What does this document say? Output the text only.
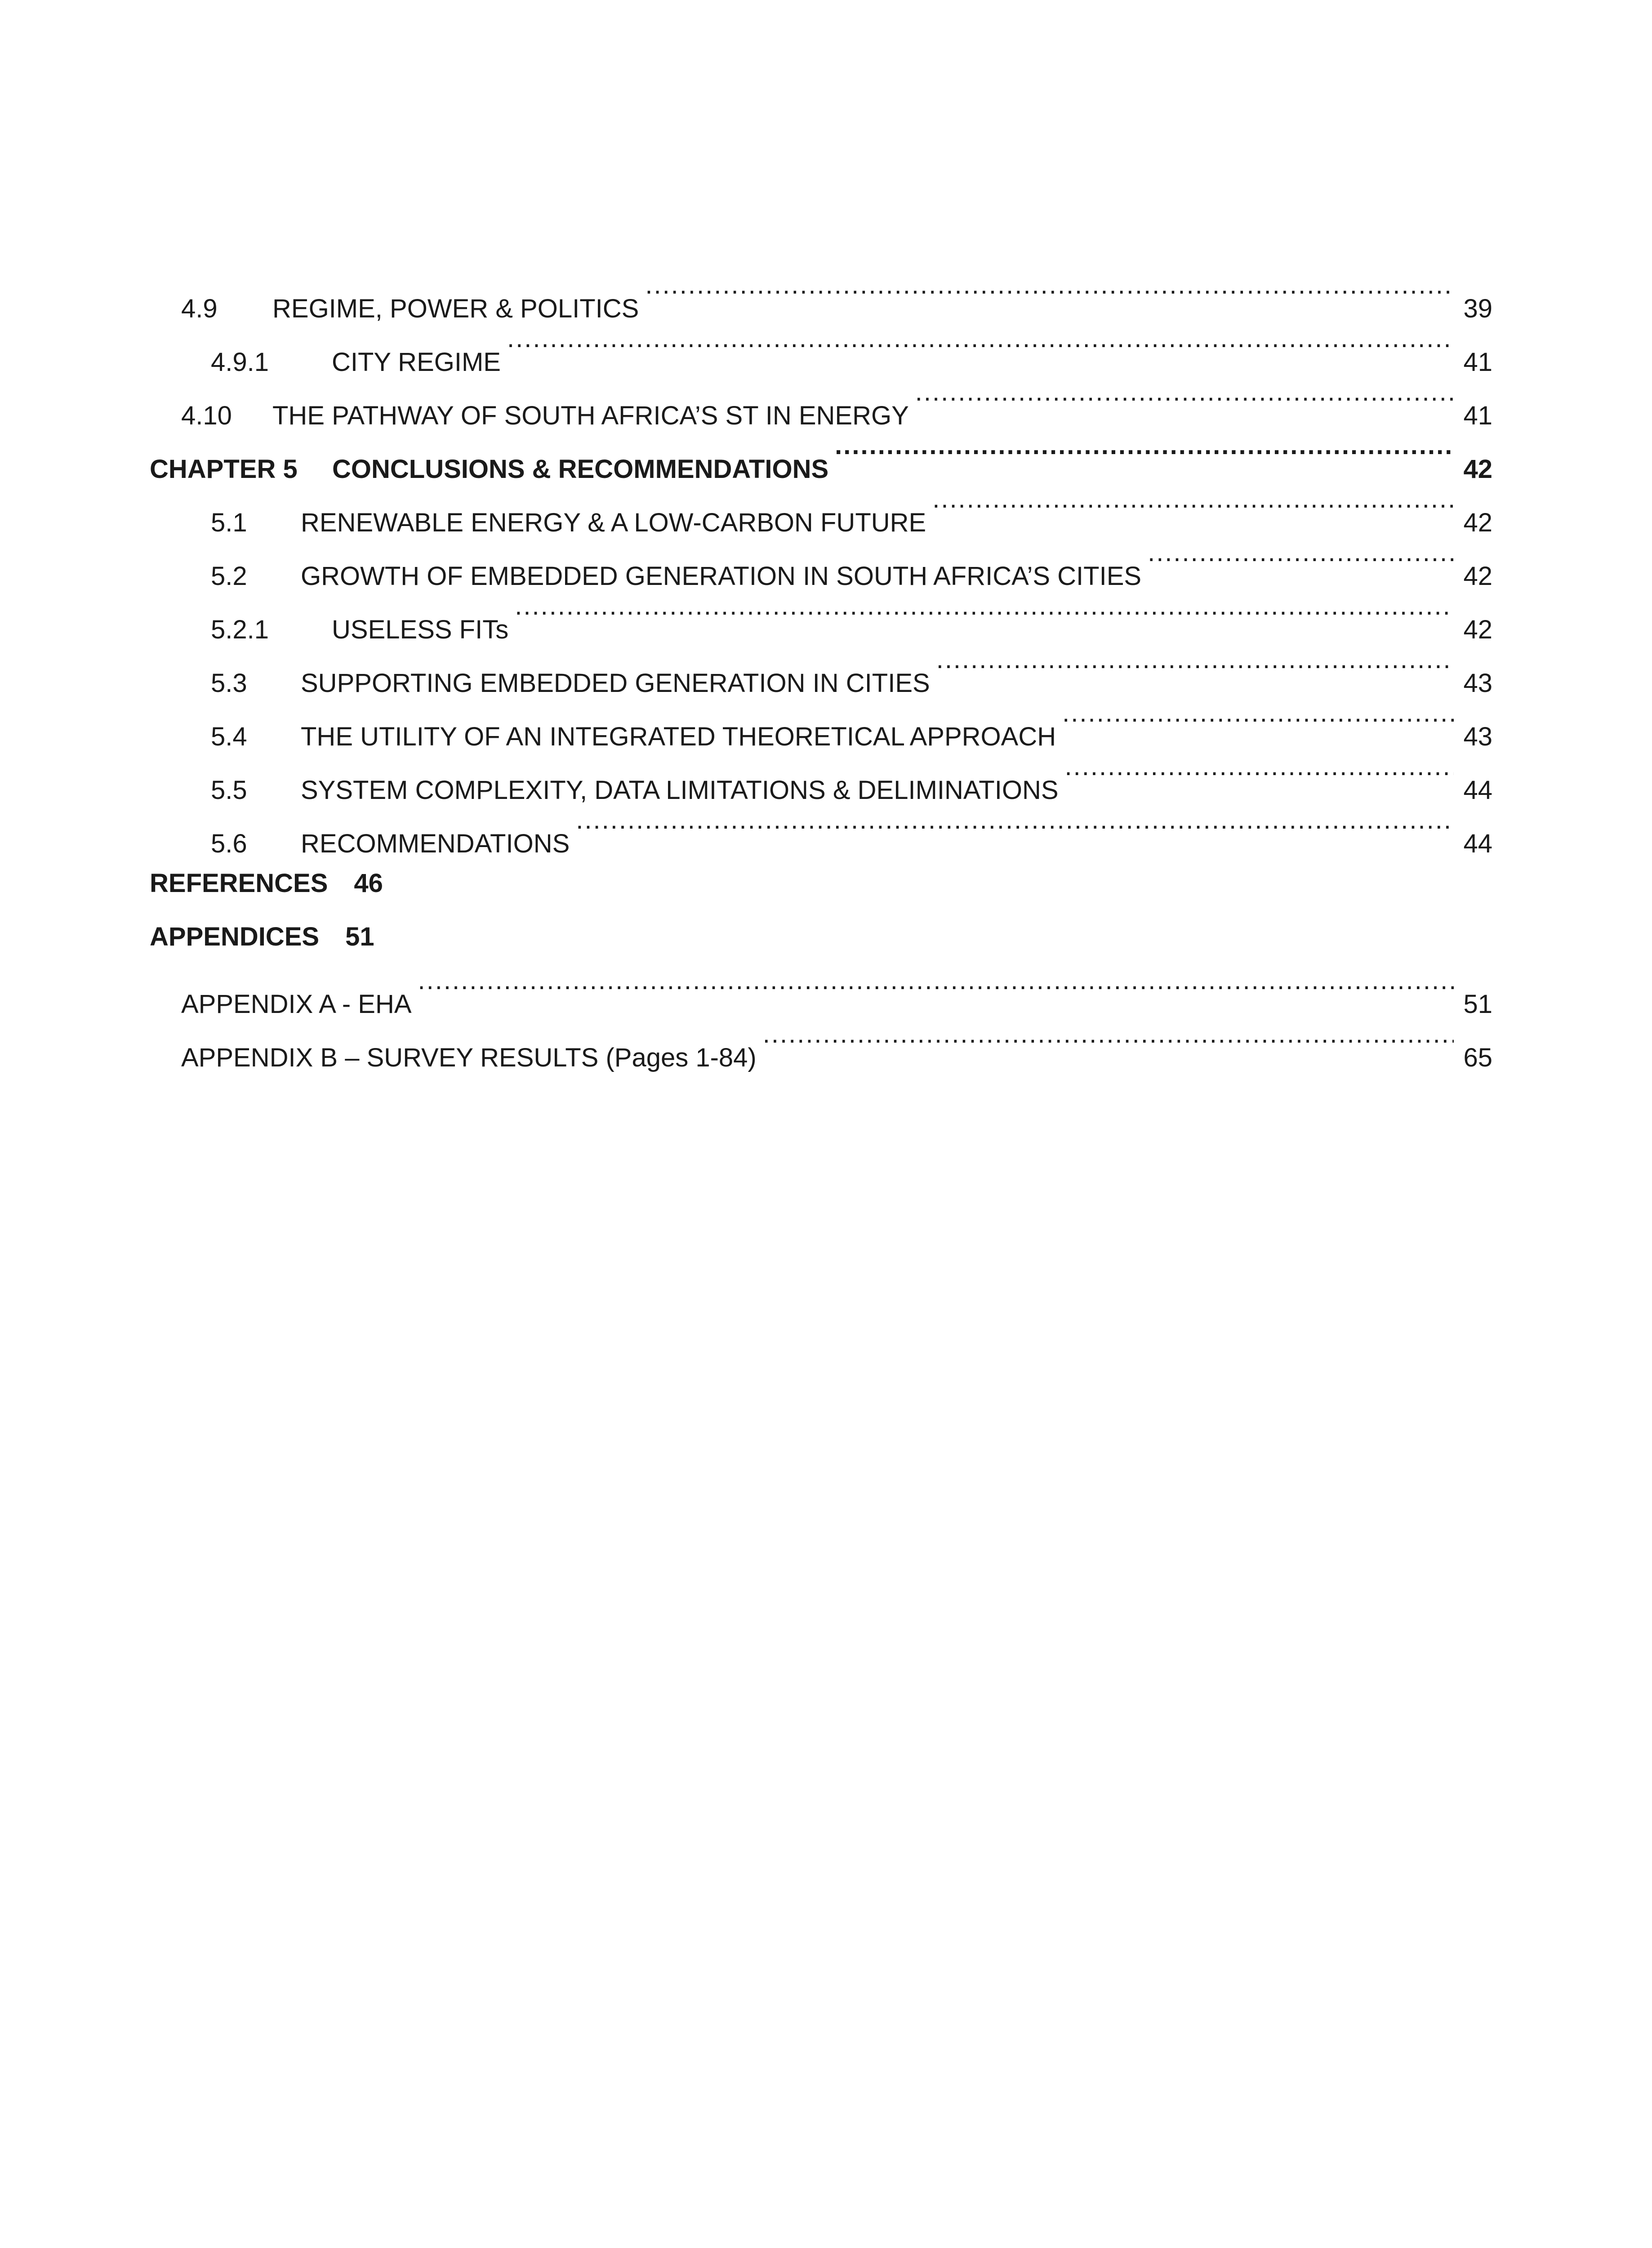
4.9	REGIME, POWER & POLITICS .....	39
4.9.1	CITY REGIME .....	41
4.10	THE PATHWAY OF SOUTH AFRICA’S ST IN ENERGY .....	41
CHAPTER 5	CONCLUSIONS & RECOMMENDATIONS .....	42
5.1	RENEWABLE ENERGY & A LOW-CARBON FUTURE .....	42
5.2	GROWTH OF EMBEDDED GENERATION IN SOUTH AFRICA’S CITIES .....	42
5.2.1	USELESS FITs .....	42
5.3	SUPPORTING EMBEDDED GENERATION IN CITIES .....	43
5.4	THE UTILITY OF AN INTEGRATED THEORETICAL APPROACH .....	43
5.5	SYSTEM COMPLEXITY, DATA LIMITATIONS & DELIMINATIONS .....	44
5.6	RECOMMENDATIONS .....	44
REFERENCES 46
APPENDICES 51
APPENDIX A - EHA .....	51
APPENDIX B – SURVEY RESULTS (Pages 1-84) .....	65
